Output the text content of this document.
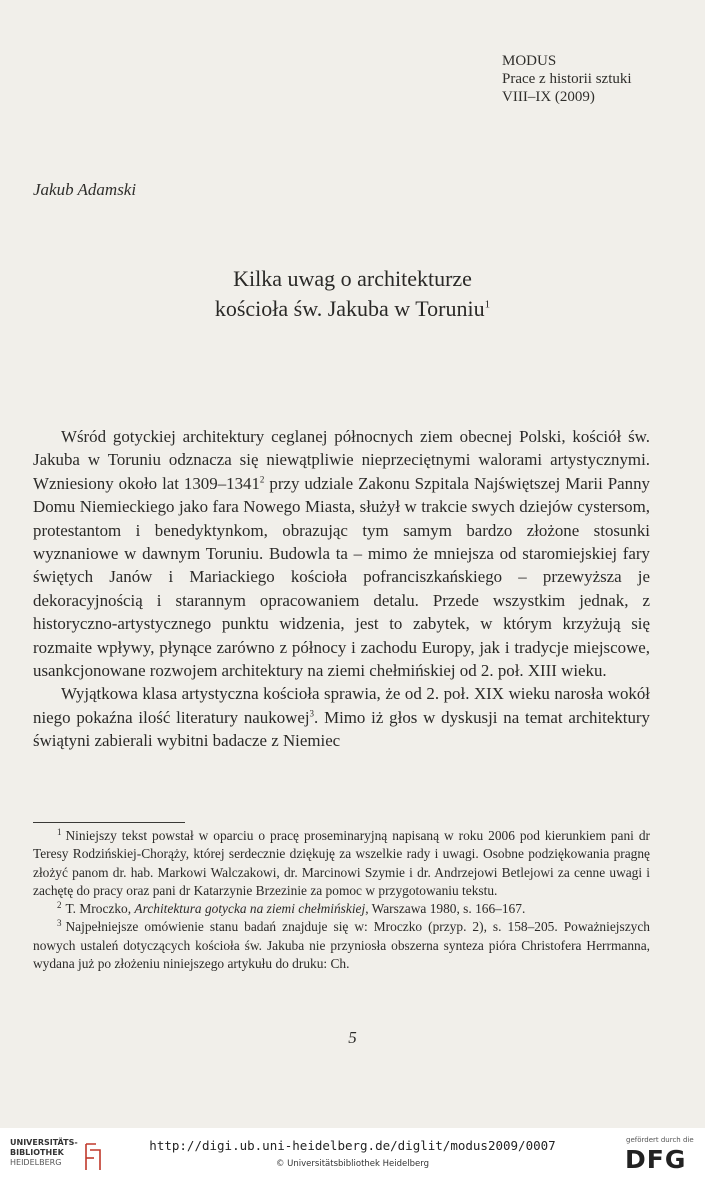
MODUS
Prace z historii sztuki
VIII–IX (2009)
Jakub Adamski
Kilka uwag o architekturze
kościoła św. Jakuba w Toruniu$^1$

Wśród gotyckiej architektury ceglanej północnych ziem obecnej Polski, kościół św. Jakuba w Toruniu odznacza się niewątpliwie nieprzeciętnymi walorami artystycznymi. Wzniesiony około lat 1309–1341$^2$ przy udziale Zakonu Szpitala Najświętszej Marii Panny Domu Niemieckiego jako fara Nowego Miasta, służył w trakcie swych dziejów cystersom, protestantom i benedyktynkom, obrazując tym samym bardzo złożone stosunki wyznaniowe w dawnym Toruniu. Budowla ta – mimo że mniejsza od staromiejskiej fary świętych Janów i Mariackiego kościoła pofranciszkańskiego – przewyższa je dekoracyjnością i starannym opracowaniem detalu. Przede wszystkim jednak, z historyczno-artystycznego punktu widzenia, jest to zabytek, w którym krzyżują się rozmaite wpływy, płynące zarówno z północy i zachodu Europy, jak i tradycje miejscowe, usankcjonowane rozwojem architektury na ziemi chełmińskiej od 2. poł. XIII wieku.

Wyjątkowa klasa artystyczna kościoła sprawia, że od 2. poł. XIX wieku narosła wokół niego pokaźna ilość literatury naukowej$^3$. Mimo iż głos w dyskusji na temat architektury świątyni zabierali wybitni badacze z Niemiec

$^1$ Niniejszy tekst powstał w oparciu o pracę proseminaryjną napisaną w roku 2006 pod kierunkiem pani dr Teresy Rodzińskiej-Chorąży, której serdecznie dziękuję za wszelkie rady i uwagi. Osobne podziękowania pragnę złożyć panom dr. hab. Markowi Walczakowi, dr. Marcinowi Szymie i dr. Andrzejowi Betlejowi za cenne uwagi i zachętę do pracy oraz pani dr Katarzynie Brzezinie za pomoc w przygotowaniu tekstu.

$^2$ T. Mroczko, Architektura gotycka na ziemi chełmińskiej, Warszawa 1980, s. 166–167.

$^3$ Najpełniejsze omówienie stanu badań znajduje się w: Mroczko (przyp. 2), s. 158–205. Poważniejszych nowych ustaleń dotyczących kościoła św. Jakuba nie przyniosła obszerna synteza pióra Christofera Herrmanna, wydana już po złożeniu niniejszego artykułu do druku: Ch.

5
UNIVERSITÄTS-
BIBLIOTHEK
HEIDELBERG
http://digi.ub.uni-heidelberg.de/diglit/modus2009/0007
© Universitätsbibliothek Heidelberg
gefördert durch die
DFG
